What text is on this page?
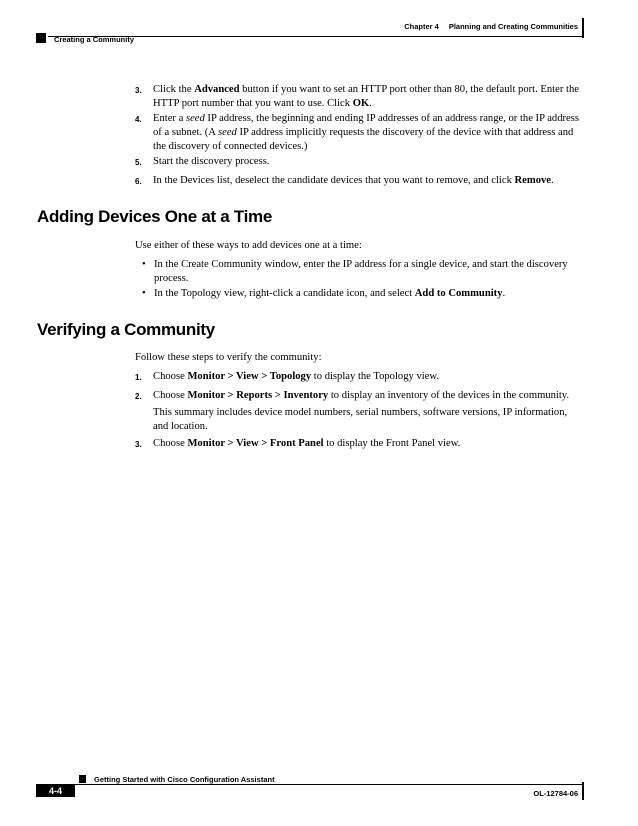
Chapter 4 Planning and Creating Communities
Creating a Community
3. Click the Advanced button if you want to set an HTTP port other than 80, the default port. Enter the HTTP port number that you want to use. Click OK.
4. Enter a seed IP address, the beginning and ending IP addresses of an address range, or the IP address of a subnet. (A seed IP address implicitly requests the discovery of the device with that address and the discovery of connected devices.)
5. Start the discovery process.
6. In the Devices list, deselect the candidate devices that you want to remove, and click Remove.
Adding Devices One at a Time
Use either of these ways to add devices one at a time:
• In the Create Community window, enter the IP address for a single device, and start the discovery process.
• In the Topology view, right-click a candidate icon, and select Add to Community.
Verifying a Community
Follow these steps to verify the community:
1. Choose Monitor > View > Topology to display the Topology view.
2. Choose Monitor > Reports > Inventory to display an inventory of the devices in the community.
This summary includes device model numbers, serial numbers, software versions, IP information, and location.
3. Choose Monitor > View > Front Panel to display the Front Panel view.
Getting Started with Cisco Configuration Assistant
4-4	OL-12784-06
